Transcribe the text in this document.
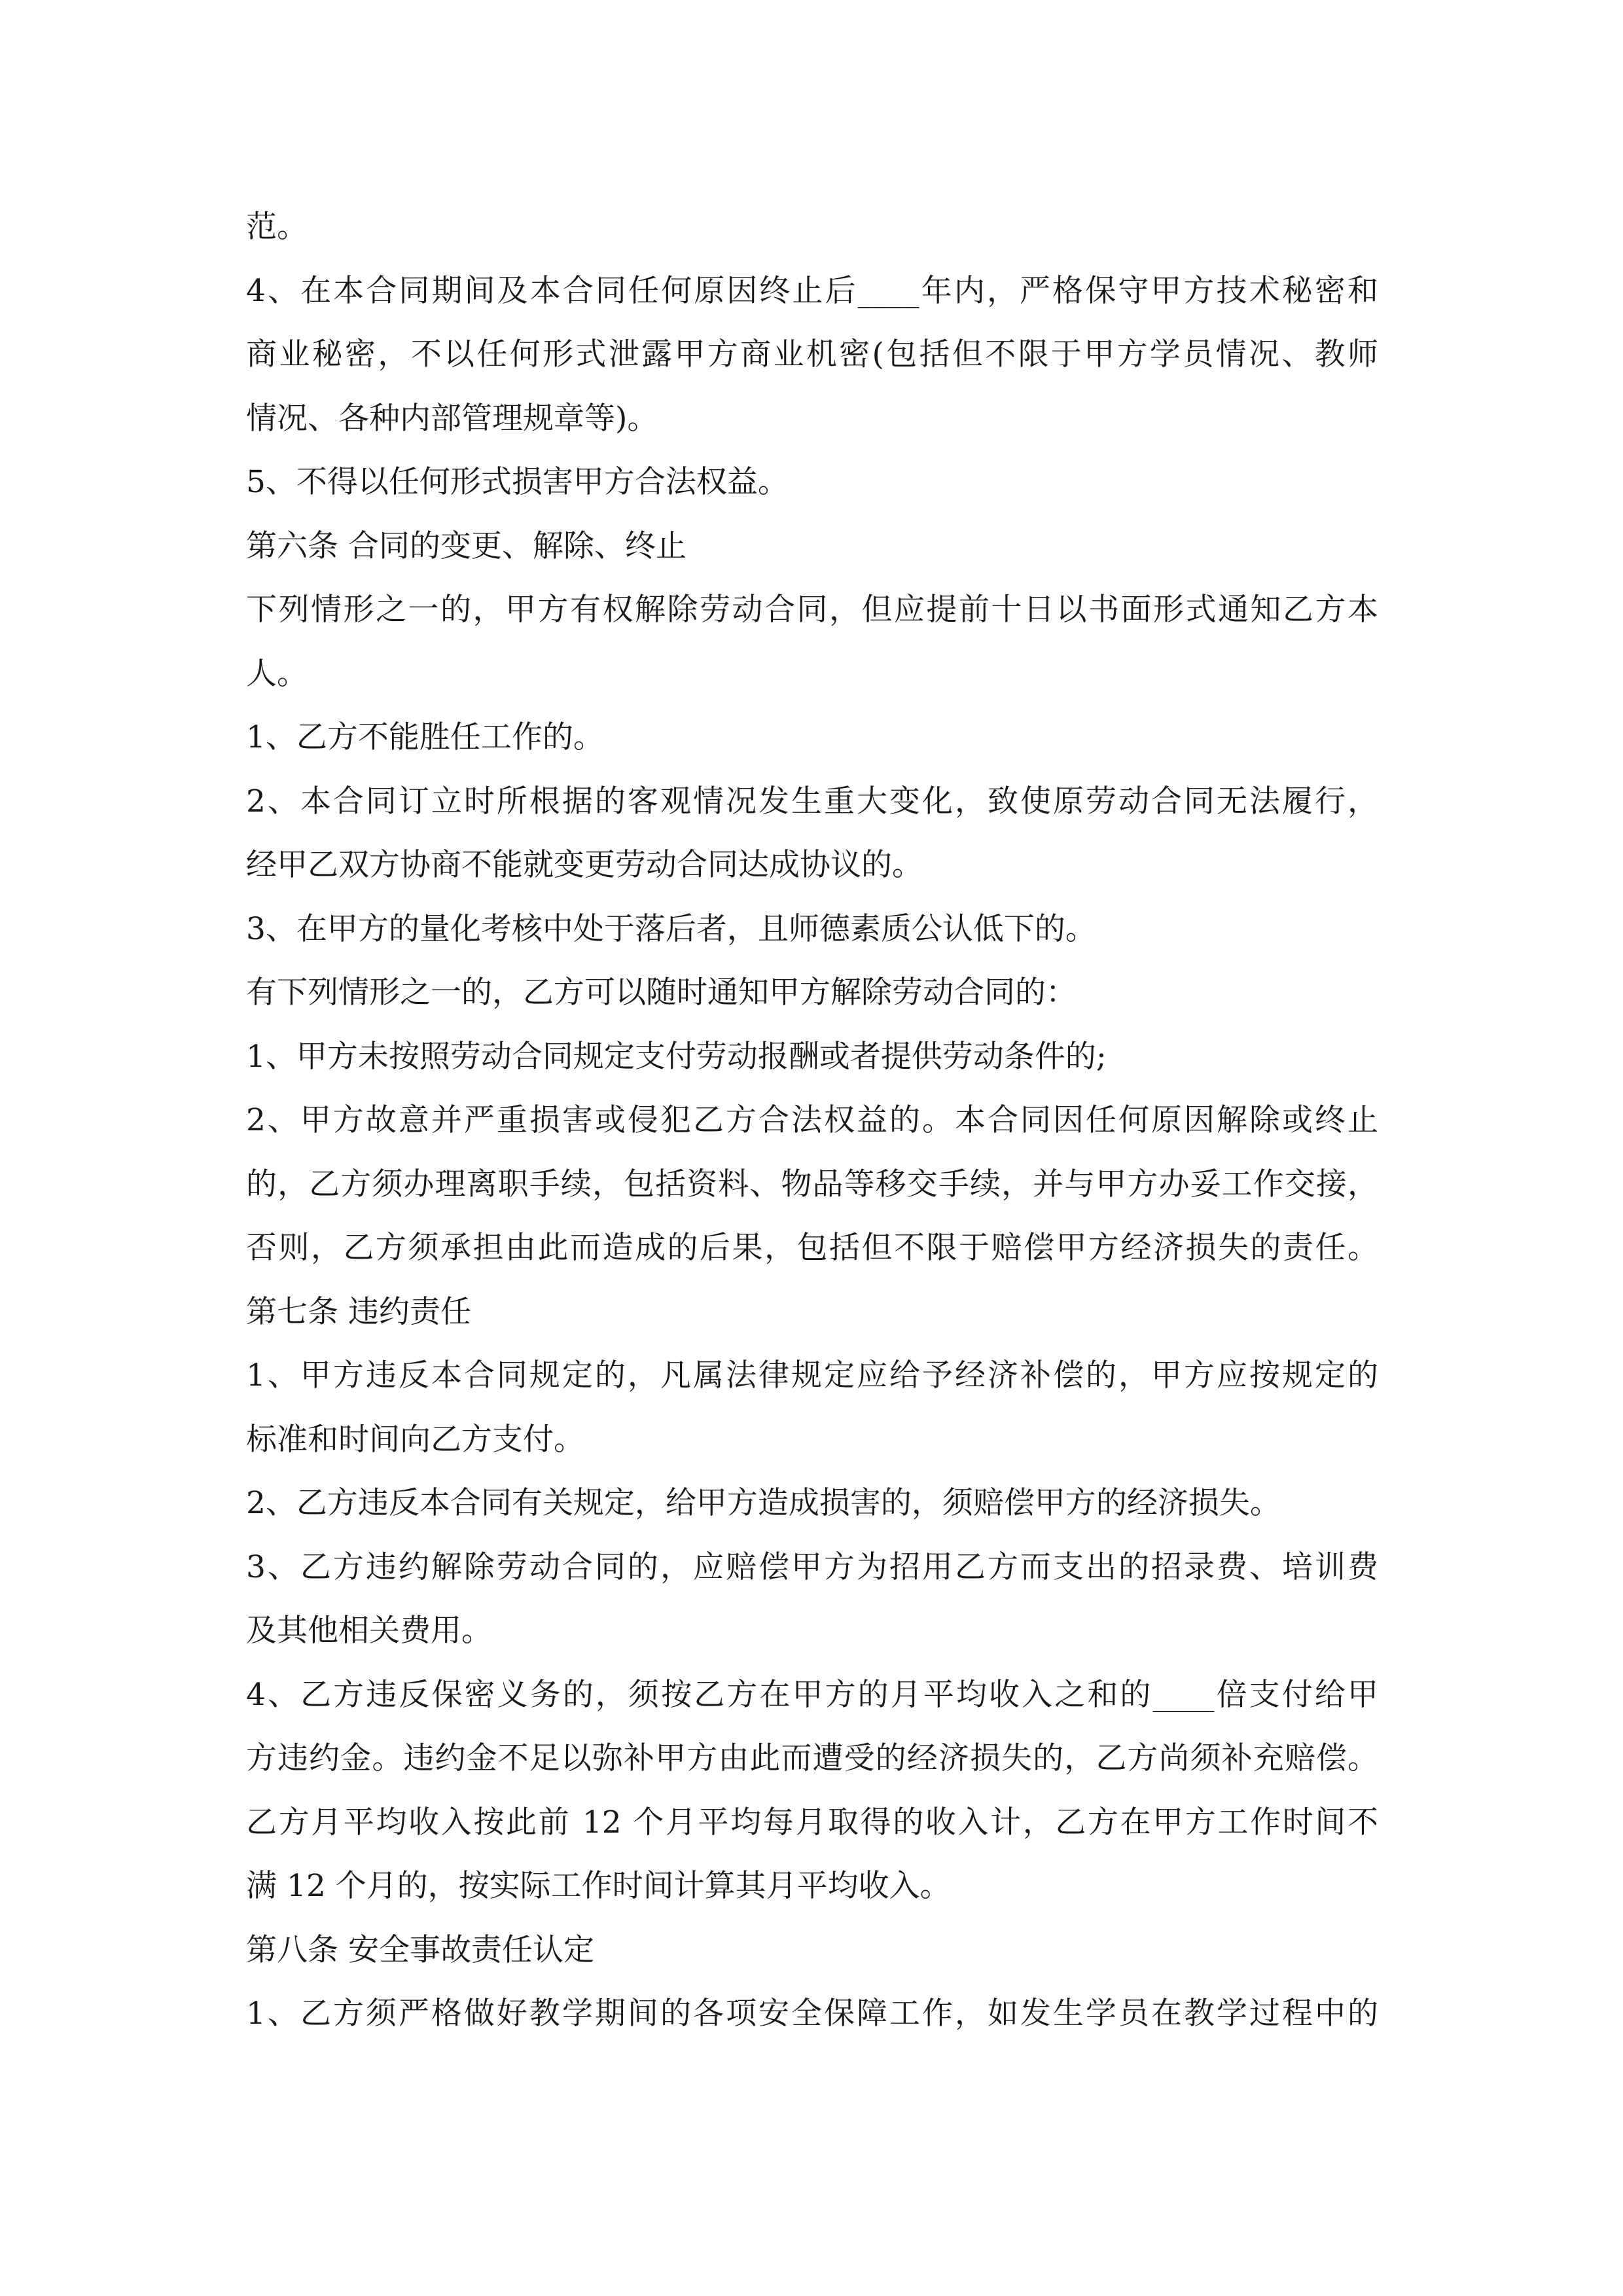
范。
4、在本合同期间及本合同任何原因终止后____年内，严格保守甲方技术秘密和
商业秘密，不以任何形式泄露甲方商业机密(包括但不限于甲方学员情况、教师
情况、各种内部管理规章等)。
5、不得以任何形式损害甲方合法权益。
第六条 合同的变更、解除、终止
下列情形之一的，甲方有权解除劳动合同，但应提前十日以书面形式通知乙方本
人。
1、乙方不能胜任工作的。
2、本合同订立时所根据的客观情况发生重大变化，致使原劳动合同无法履行，
经甲乙双方协商不能就变更劳动合同达成协议的。
3、在甲方的量化考核中处于落后者，且师德素质公认低下的。
有下列情形之一的，乙方可以随时通知甲方解除劳动合同的：
1、甲方未按照劳动合同规定支付劳动报酬或者提供劳动条件的;
2、甲方故意并严重损害或侵犯乙方合法权益的。本合同因任何原因解除或终止
的，乙方须办理离职手续，包括资料、物品等移交手续，并与甲方办妥工作交接，
否则，乙方须承担由此而造成的后果，包括但不限于赔偿甲方经济损失的责任。
第七条 违约责任
1、甲方违反本合同规定的，凡属法律规定应给予经济补偿的，甲方应按规定的
标准和时间向乙方支付。
2、乙方违反本合同有关规定，给甲方造成损害的，须赔偿甲方的经济损失。
3、乙方违约解除劳动合同的，应赔偿甲方为招用乙方而支出的招录费、培训费
及其他相关费用。
4、乙方违反保密义务的，须按乙方在甲方的月平均收入之和的____倍支付给甲
方违约金。违约金不足以弥补甲方由此而遭受的经济损失的，乙方尚须补充赔偿。
乙方月平均收入按此前 12 个月平均每月取得的收入计，乙方在甲方工作时间不
满 12 个月的，按实际工作时间计算其月平均收入。
第八条 安全事故责任认定
1、乙方须严格做好教学期间的各项安全保障工作，如发生学员在教学过程中的
